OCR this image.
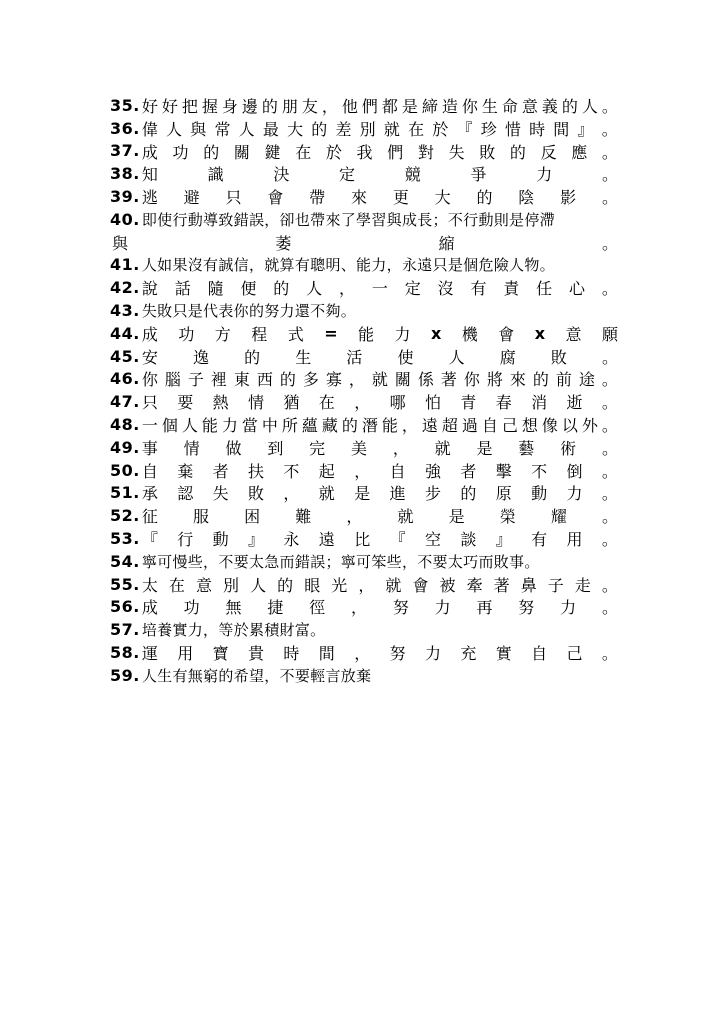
35. 好 好 把 握 身 邊 的 朋 友 ， 他 們 都 是 締 造 你 生 命 意 義 的 人 。
36. 偉 人 與 常 人 最 大 的 差 別 就 在 於 『 珍 惜 時 間 』 。
37. 成 功 的 關 鍵 在 於 我 們 對 失 敗 的 反 應 。
38. 知	識	決	定	競	爭	力	。
39. 逃 避 只 會 帶 來 更 大 的 陰 影 。
40. 即使行動導致錯誤，卻也帶來了學習與成長；不行動則是停滯
與	萎	縮	。
41. 人如果沒有誠信，就算有聰明、能力，永遠只是個危險人物。
42. 說 話 隨 便 的 人 ， 一 定 沒 有 責 任 心 。
43. 失敗只是代表你的努力還不夠。
44. 成 功 方 程 式 = 能 力 x 機 會 x 意 願
45. 安 逸 的 生 活 使 人 腐 敗 。
46. 你 腦 子 裡 東 西 的 多 寡 ， 就 關 係 著 你 將 來 的 前 途 。
47. 只 要 熱 情 猶 在 ， 哪 怕 青 春 消 逝 。
48. 一 個 人 能 力 當 中 所 蘊 藏 的 潛 能 ， 遠 超 過 自 己 想 像 以 外 。
49. 事 情 做 到 完 美 ， 就 是 藝 術 。
50. 自 棄 者 扶 不 起 ， 自 強 者 擊 不 倒 。
51. 承 認 失 敗 ， 就 是 進 步 的 原 動 力 。
52. 征 服 困 難 ， 就 是 榮 耀 。
53. 『 行 動 』 永 遠 比 『 空 談 』 有 用 。
54. 寧可慢些，不要太急而錯誤；寧可笨些，不要太巧而敗事。
55. 太 在 意 別 人 的 眼 光 ， 就 會 被 牽 著 鼻 子 走 。
56. 成 功 無 捷 徑 ， 努 力 再 努 力 。
57. 培養實力，等於累積財富。
58. 運 用 寶 貴 時 間 ， 努 力 充 實 自 己 。
59. 人生有無窮的希望，不要輕言放棄
